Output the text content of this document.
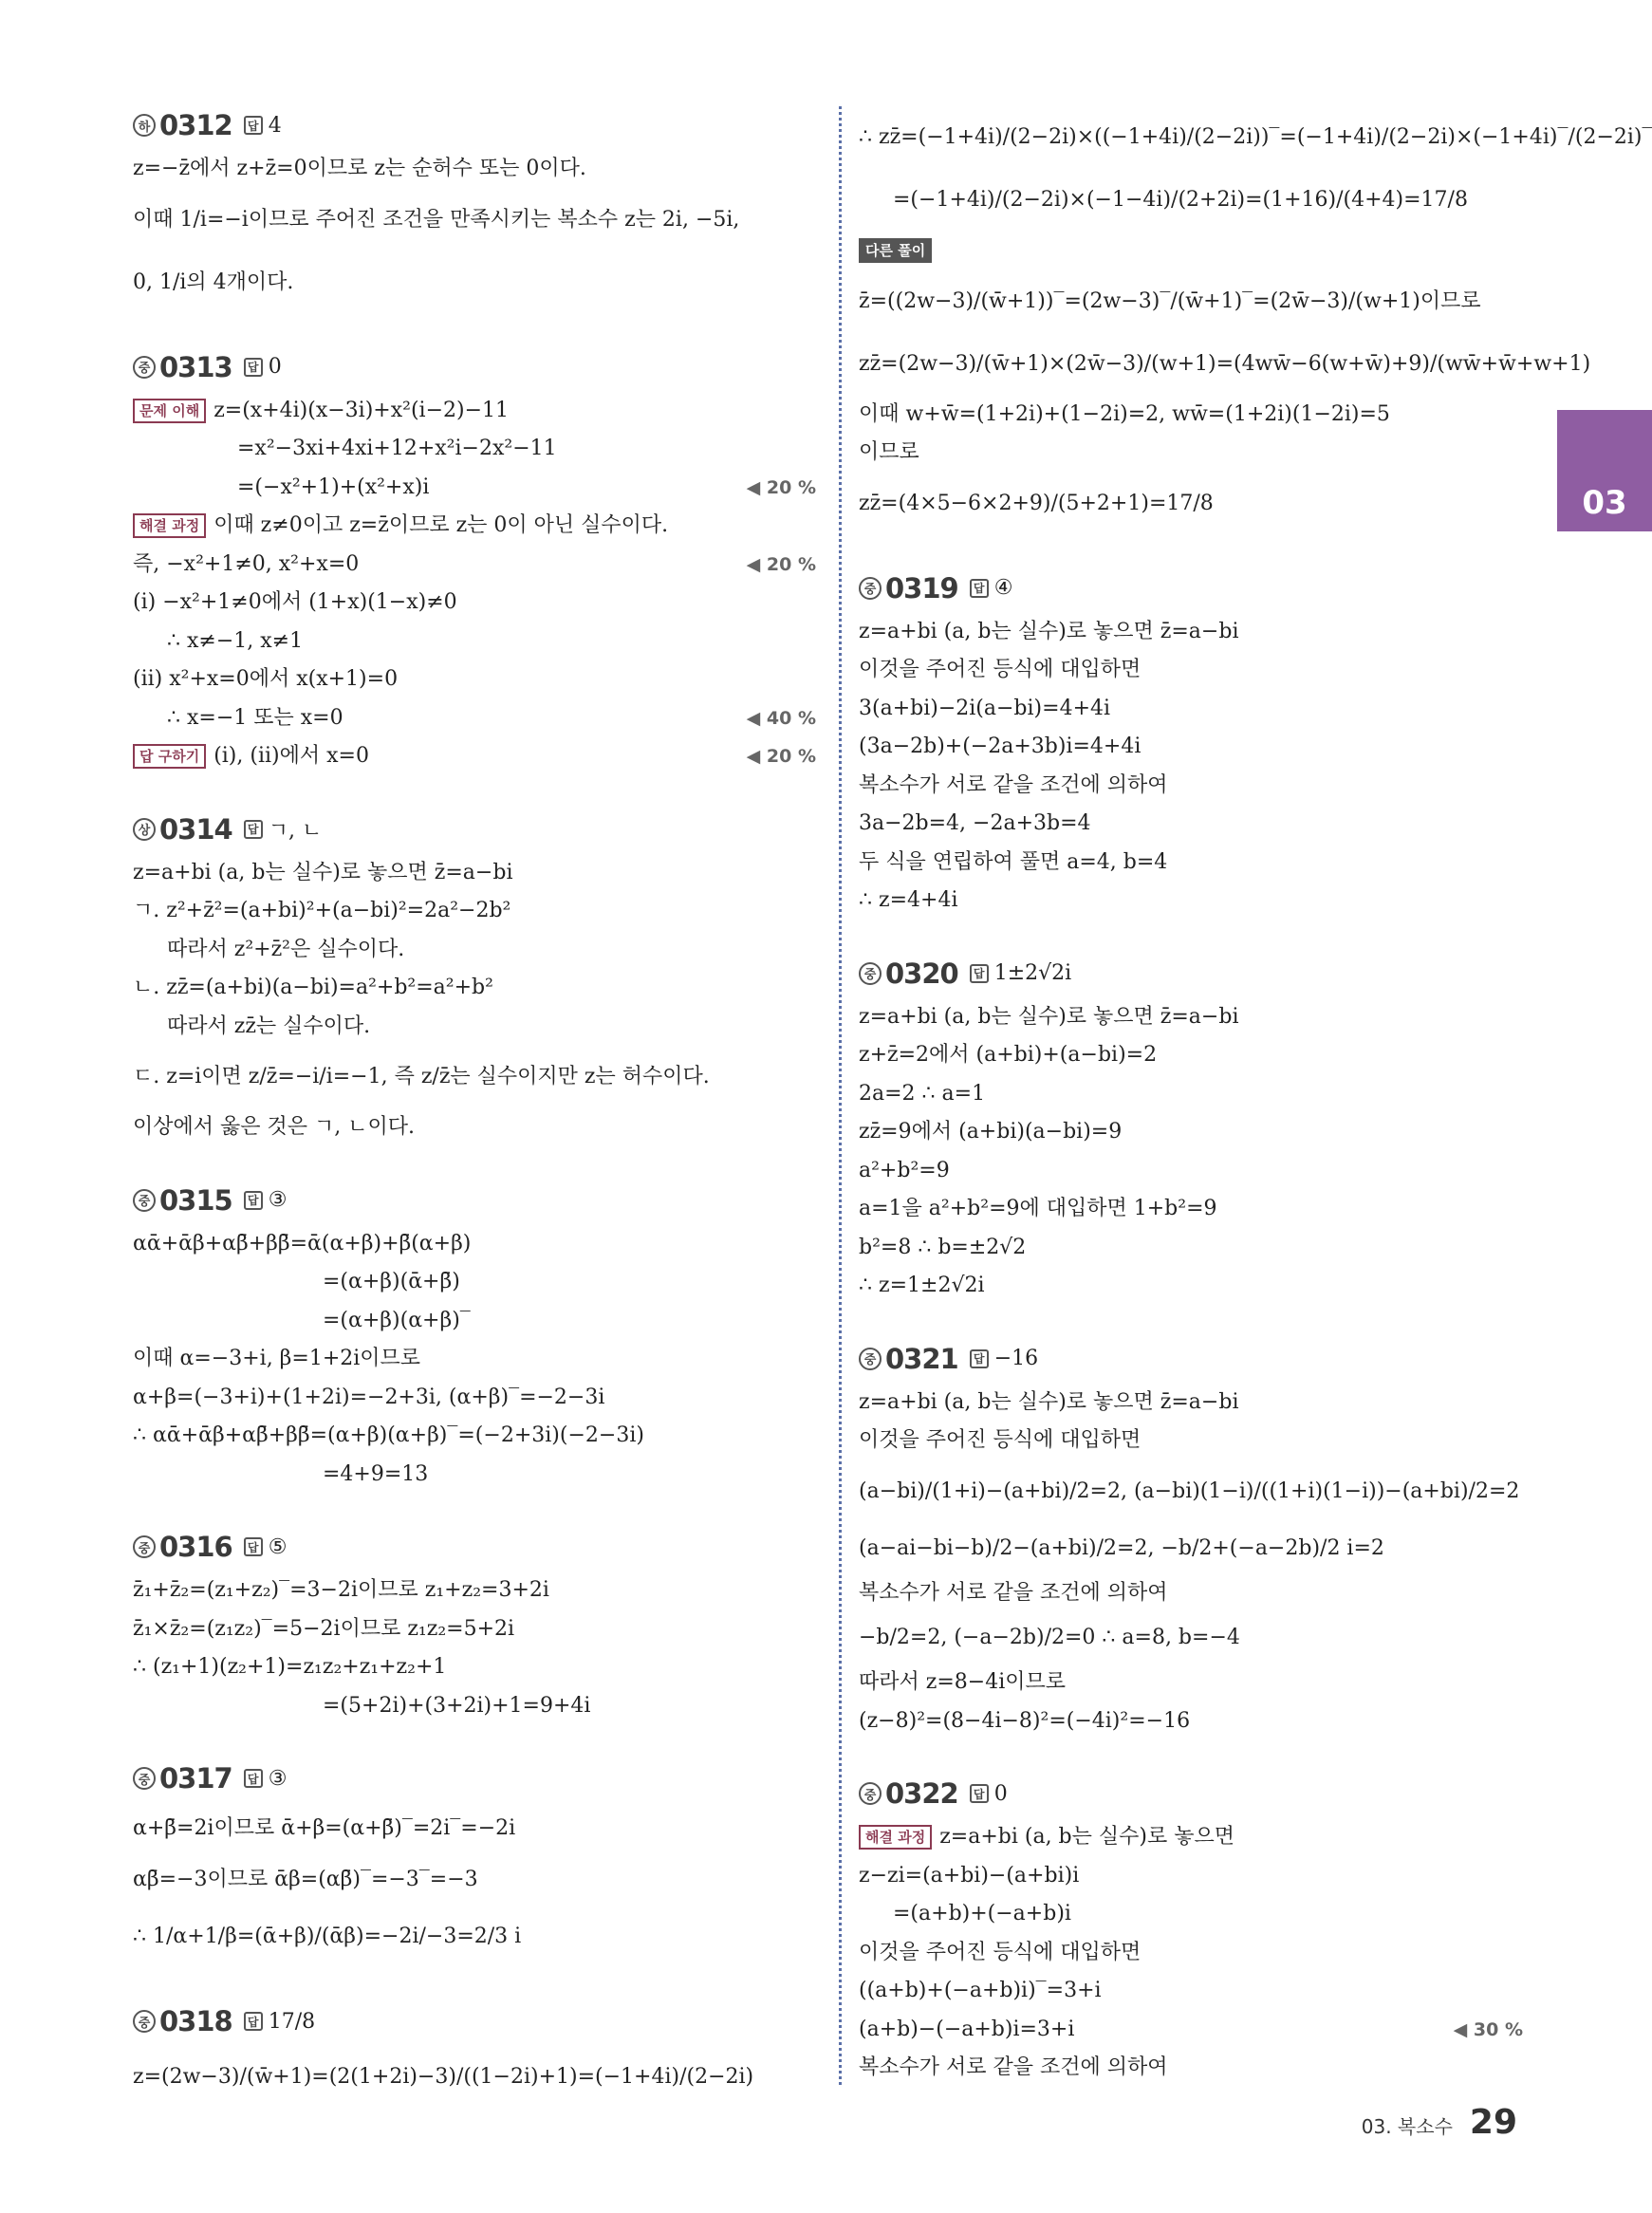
03
하 0312	답 4
z=−z̄에서 z+z̄=0이므로 z는 순허수 또는 0이다.
이때 1/i=−i이므로 주어진 조건을 만족시키는 복소수 z는 2i, −5i,
0, 1/i의 4개이다.
중 0313	답 0
문제 이해 z=(x+4i)(x−3i)+x²(i−2)−11
=x²−3xi+4xi+12+x²i−2x²−11
=(−x²+1)+(x²+x)i	◀ 20 %
해결 과정 이때 z≠0이고 z=z̄이므로 z는 0이 아닌 실수이다.
즉, −x²+1≠0, x²+x=0	◀ 20 %
(i) −x²+1≠0에서 (1+x)(1−x)≠0
∴ x≠−1, x≠1
(ii) x²+x=0에서 x(x+1)=0
∴ x=−1 또는 x=0	◀ 40 %
답 구하기 (i), (ii)에서 x=0	◀ 20 %
상 0314	답 ㄱ, ㄴ
z=a+bi (a, b는 실수)로 놓으면 z̄=a−bi
ㄱ. z²+z̄²=(a+bi)²+(a−bi)²=2a²−2b²
따라서 z²+z̄²은 실수이다.
ㄴ. zz̄=(a+bi)(a−bi)=a²+b²=a²+b²
따라서 zz̄는 실수이다.
ㄷ. z=i이면 z/z̄=−i/i=−1, 즉 z/z̄는 실수이지만 z는 허수이다.
이상에서 옳은 것은 ㄱ, ㄴ이다.
중 0315	답 ③
αᾱ+ᾱβ+αβ̄+ββ̄=ᾱ(α+β)+β̄(α+β)
=(α+β)(ᾱ+β̄)
=(α+β)(α+β)‾
이때 α=−3+i, β=1+2i이므로
α+β=(−3+i)+(1+2i)=−2+3i, (α+β)‾=−2−3i
∴ αᾱ+ᾱβ+αβ̄+ββ̄=(α+β)(α+β)‾=(−2+3i)(−2−3i)
=4+9=13
중 0316	답 ⑤
z̄₁+z̄₂=(z₁+z₂)‾=3−2i이므로 z₁+z₂=3+2i
z̄₁×z̄₂=(z₁z₂)‾=5−2i이므로 z₁z₂=5+2i
∴ (z₁+1)(z₂+1)=z₁z₂+z₁+z₂+1
=(5+2i)+(3+2i)+1=9+4i
중 0317	답 ③
α+β̄=2i이므로 ᾱ+β=(α+β̄)‾=2i‾=−2i
αβ̄=−3이므로 ᾱβ=(αβ̄)‾=−3‾=−3
∴ 1/α+1/β=(ᾱ+β)/(ᾱβ)=−2i/−3=2/3 i
중 0318	답 17/8
z=(2w−3)/(w̄+1)=(2(1+2i)−3)/((1−2i)+1)=(−1+4i)/(2−2i)
∴ zz̄=(−1+4i)/(2−2i)×((−1+4i)/(2−2i))‾=(−1+4i)/(2−2i)×(−1+4i)‾/(2−2i)‾
=(−1+4i)/(2−2i)×(−1−4i)/(2+2i)=(1+16)/(4+4)=17/8
다른 풀이
z̄=((2w−3)/(w̄+1))‾=(2w−3)‾/(w̄+1)‾=(2w̄−3)/(w+1)이므로
zz̄=(2w−3)/(w̄+1)×(2w̄−3)/(w+1)=(4ww̄−6(w+w̄)+9)/(ww̄+w̄+w+1)
이때 w+w̄=(1+2i)+(1−2i)=2, ww̄=(1+2i)(1−2i)=5
이므로
zz̄=(4×5−6×2+9)/(5+2+1)=17/8
중 0319	답 ④
z=a+bi (a, b는 실수)로 놓으면 z̄=a−bi
이것을 주어진 등식에 대입하면
3(a+bi)−2i(a−bi)=4+4i
(3a−2b)+(−2a+3b)i=4+4i
복소수가 서로 같을 조건에 의하여
3a−2b=4, −2a+3b=4
두 식을 연립하여 풀면 a=4, b=4
∴ z=4+4i
중 0320	답 1±2√2i
z=a+bi (a, b는 실수)로 놓으면 z̄=a−bi
z+z̄=2에서 (a+bi)+(a−bi)=2
2a=2 ∴ a=1
zz̄=9에서 (a+bi)(a−bi)=9
a²+b²=9
a=1을 a²+b²=9에 대입하면 1+b²=9
b²=8 ∴ b=±2√2
∴ z=1±2√2i
중 0321	답 −16
z=a+bi (a, b는 실수)로 놓으면 z̄=a−bi
이것을 주어진 등식에 대입하면
(a−bi)/(1+i)−(a+bi)/2=2, (a−bi)(1−i)/((1+i)(1−i))−(a+bi)/2=2
(a−ai−bi−b)/2−(a+bi)/2=2, −b/2+(−a−2b)/2 i=2
복소수가 서로 같을 조건에 의하여
−b/2=2, (−a−2b)/2=0 ∴ a=8, b=−4
따라서 z=8−4i이므로
(z−8)²=(8−4i−8)²=(−4i)²=−16
중 0322	답 0
해결 과정 z=a+bi (a, b는 실수)로 놓으면
z−zi=(a+bi)−(a+bi)i
=(a+b)+(−a+b)i
이것을 주어진 등식에 대입하면
((a+b)+(−a+b)i)‾=3+i
(a+b)−(−a+b)i=3+i	◀ 30 %
복소수가 서로 같을 조건에 의하여
03. 복소수 29
